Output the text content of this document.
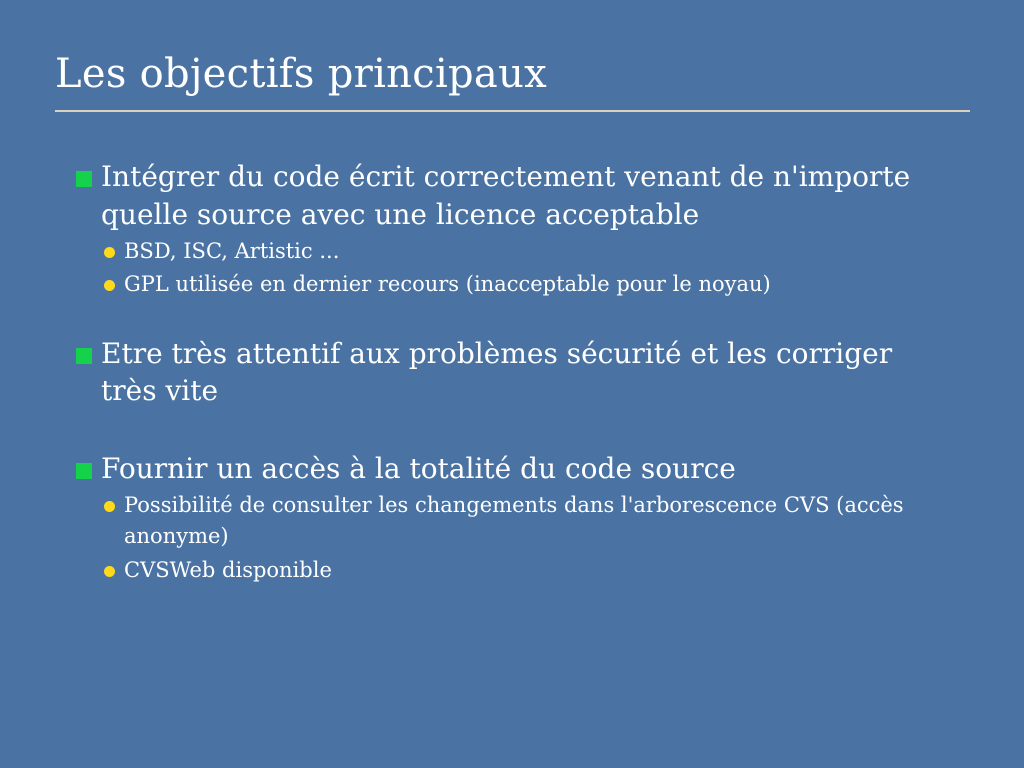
Les objectifs principaux
Intégrer du code écrit correctement venant de n'importe quelle source avec une licence acceptable
BSD, ISC, Artistic ...
GPL utilisée en dernier recours (inacceptable pour le noyau)
Etre très attentif aux problèmes sécurité et les corriger très vite
Fournir un accès à la totalité du code source
Possibilité de consulter les changements dans l'arborescence CVS (accès anonyme)
CVSWeb disponible
